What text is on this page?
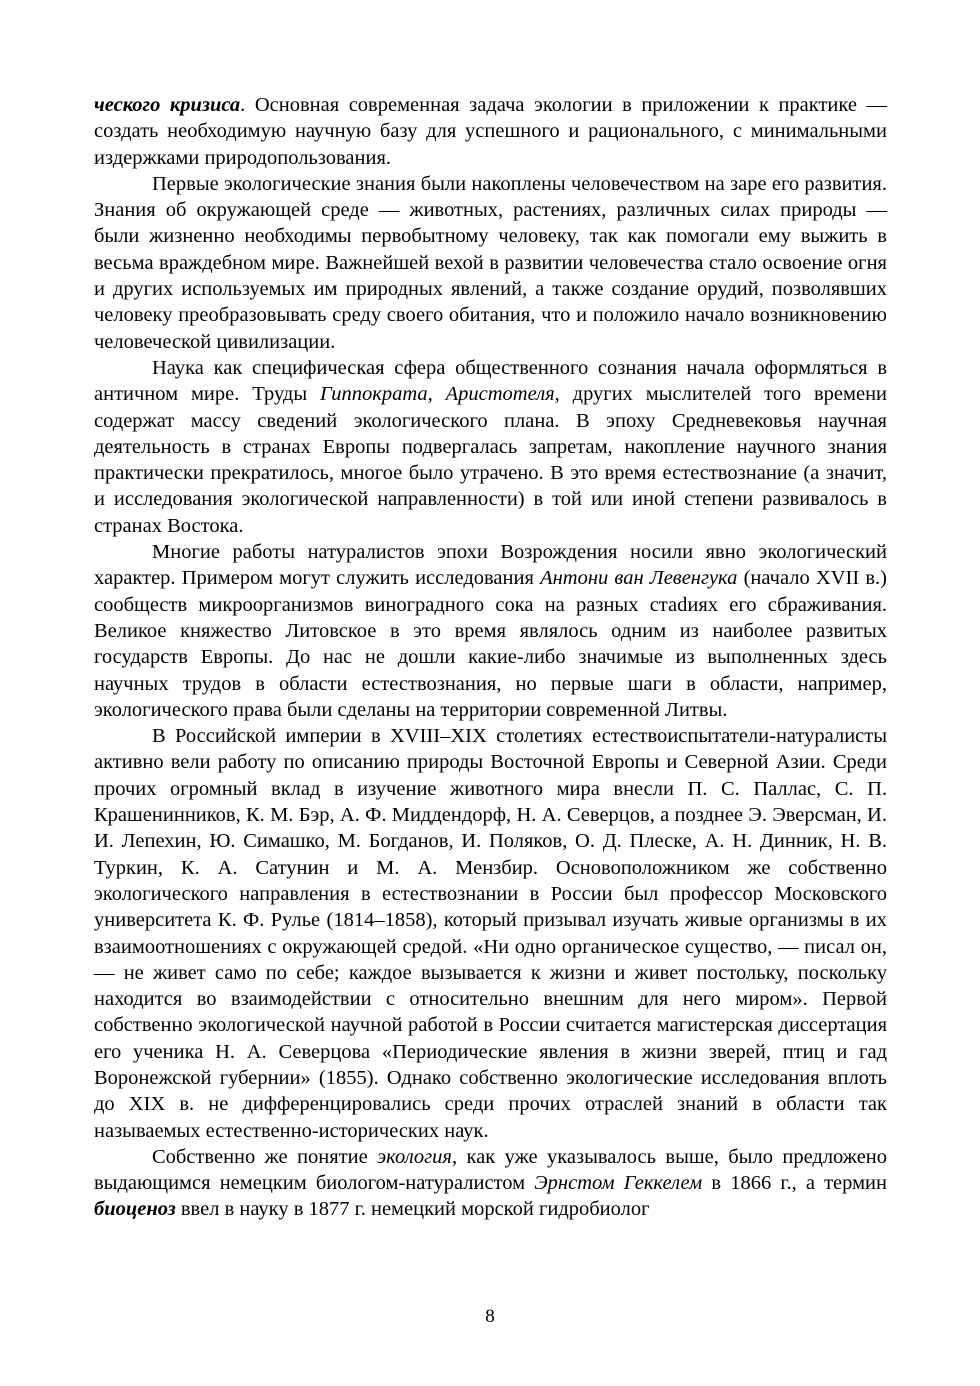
ческого кризиса. Основная современная задача экологии в приложении к практике — создать необходимую научную базу для успешного и рационального, с минимальными издержками природопользования.

Первые экологические знания были накоплены человечеством на заре его развития. Знания об окружающей среде — животных, растениях, различных силах природы — были жизненно необходимы первобытному человеку, так как помогали ему выжить в весьма враждебном мире. Важнейшей вехой в развитии человечества стало освоение огня и других используемых им природных явлений, а также создание орудий, позволявших человеку преобразовывать среду своего обитания, что и положило начало возникновению человеческой цивилизации.

Наука как специфическая сфера общественного сознания начала оформляться в античном мире. Труды Гиппократа, Аристотеля, других мыслителей того времени содержат массу сведений экологического плана. В эпоху Средневековья научная деятельность в странах Европы подвергалась запретам, накопление научного знания практически прекратилось, многое было утрачено. В это время естествознание (а значит, и исследования экологической направленности) в той или иной степени развивалось в странах Востока.

Многие работы натуралистов эпохи Возрождения носили явно экологический характер. Примером могут служить исследования Антони ван Левенгука (начало XVII в.) сообществ микроорганизмов виноградного сока на разных стаdиях его сбраживания. Великое княжество Литовское в это время являлось одним из наиболее развитых государств Европы. До нас не дошли какие-либо значимые из выполненных здесь научных трудов в области естествознания, но первые шаги в области, например, экологического права были сделаны на территории современной Литвы.

В Российской империи в XVIII–XIX столетиях естествоиспытатели-натуралисты активно вели работу по описанию природы Восточной Европы и Северной Азии. Среди прочих огромный вклад в изучение животного мира внесли П. С. Паллас, С. П. Крашенинников, К. М. Бэр, А. Ф. Миддендорф, Н. А. Северцов, а позднее Э. Эверсман, И. И. Лепехин, Ю. Симашко, М. Богданов, И. Поляков, О. Д. Плеске, А. Н. Динник, Н. В. Туркин, К. А. Сатунин и М. А. Мензбир. Основоположником же собственно экологического направления в естествознании в России был профессор Московского университета К. Ф. Рулье (1814–1858), который призывал изучать живые организмы в их взаимоотношениях с окружающей средой. «Ни одно органическое существо, — писал он, — не живет само по себе; каждое вызывается к жизни и живет постольку, поскольку находится во взаимодействии с относительно внешним для него миром». Первой собственно экологической научной работой в России считается магистерская диссертация его ученика Н. А. Северцова «Периодические явления в жизни зверей, птиц и гад Воронежской губернии» (1855). Однако собственно экологические исследования вплоть до XIX в. не дифференцировались среди прочих отраслей знаний в области так называемых естественно-исторических наук.

Собственно же понятие экология, как уже указывалось выше, было предложено выдающимся немецким биологом-натуралистом Эрнстом Геккелем в 1866 г., а термин биоценоз ввел в науку в 1877 г. немецкий морской гидробиолог

8
